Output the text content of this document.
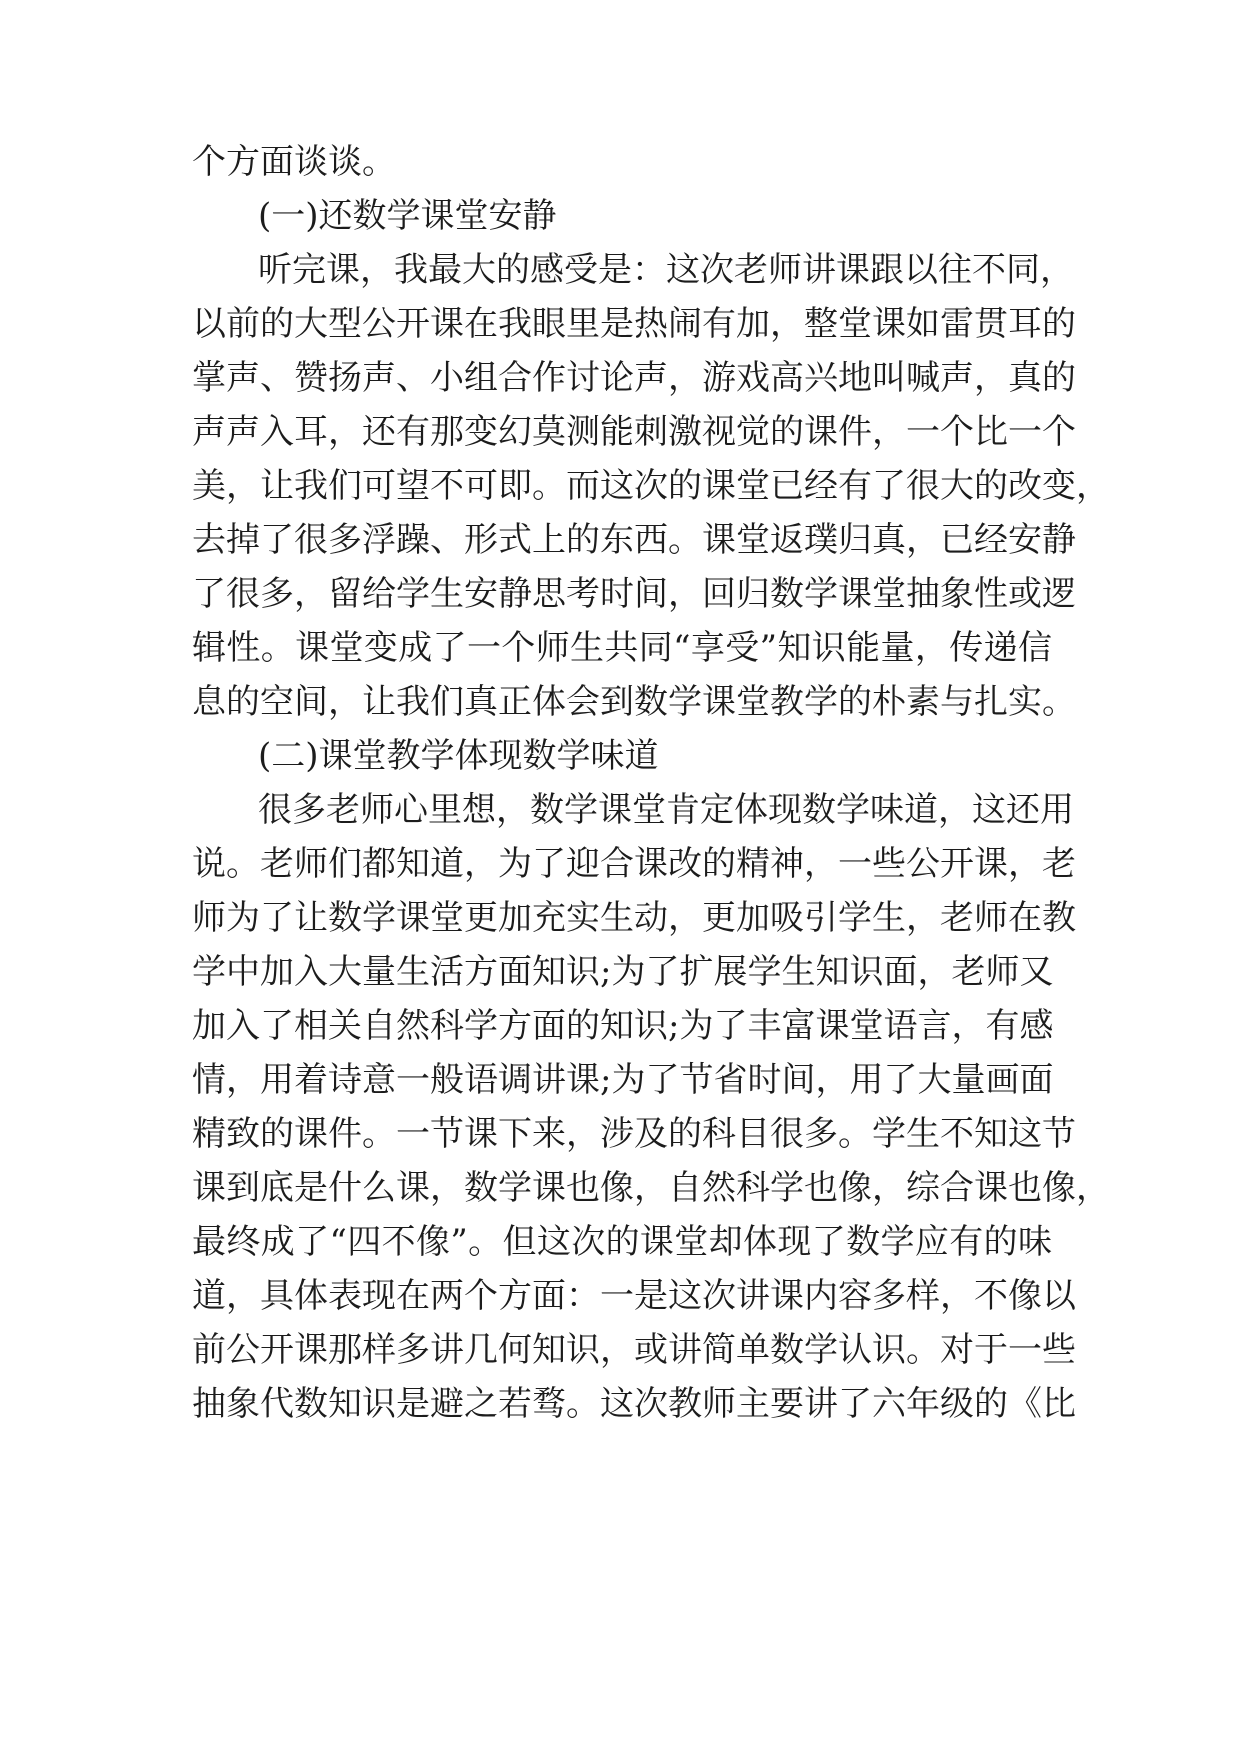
个方面谈谈。
(一)还数学课堂安静
听完课，我最大的感受是：这次老师讲课跟以往不同，
以前的大型公开课在我眼里是热闹有加，整堂课如雷贯耳的
掌声、赞扬声、小组合作讨论声，游戏高兴地叫喊声，真的
声声入耳，还有那变幻莫测能刺激视觉的课件，一个比一个
美，让我们可望不可即。而这次的课堂已经有了很大的改变，
去掉了很多浮躁、形式上的东西。课堂返璞归真，已经安静
了很多，留给学生安静思考时间，回归数学课堂抽象性或逻
辑性。课堂变成了一个师生共同“享受”知识能量，传递信
息的空间，让我们真正体会到数学课堂教学的朴素与扎实。
(二)课堂教学体现数学味道
很多老师心里想，数学课堂肯定体现数学味道，这还用
说。老师们都知道，为了迎合课改的精神，一些公开课，老
师为了让数学课堂更加充实生动，更加吸引学生，老师在教
学中加入大量生活方面知识;为了扩展学生知识面，老师又
加入了相关自然科学方面的知识;为了丰富课堂语言，有感
情，用着诗意一般语调讲课;为了节省时间，用了大量画面
精致的课件。一节课下来，涉及的科目很多。学生不知这节
课到底是什么课，数学课也像，自然科学也像，综合课也像，
最终成了“四不像”。但这次的课堂却体现了数学应有的味
道，具体表现在两个方面：一是这次讲课内容多样，不像以
前公开课那样多讲几何知识，或讲简单数学认识。对于一些
抽象代数知识是避之若骛。这次教师主要讲了六年级的《比
